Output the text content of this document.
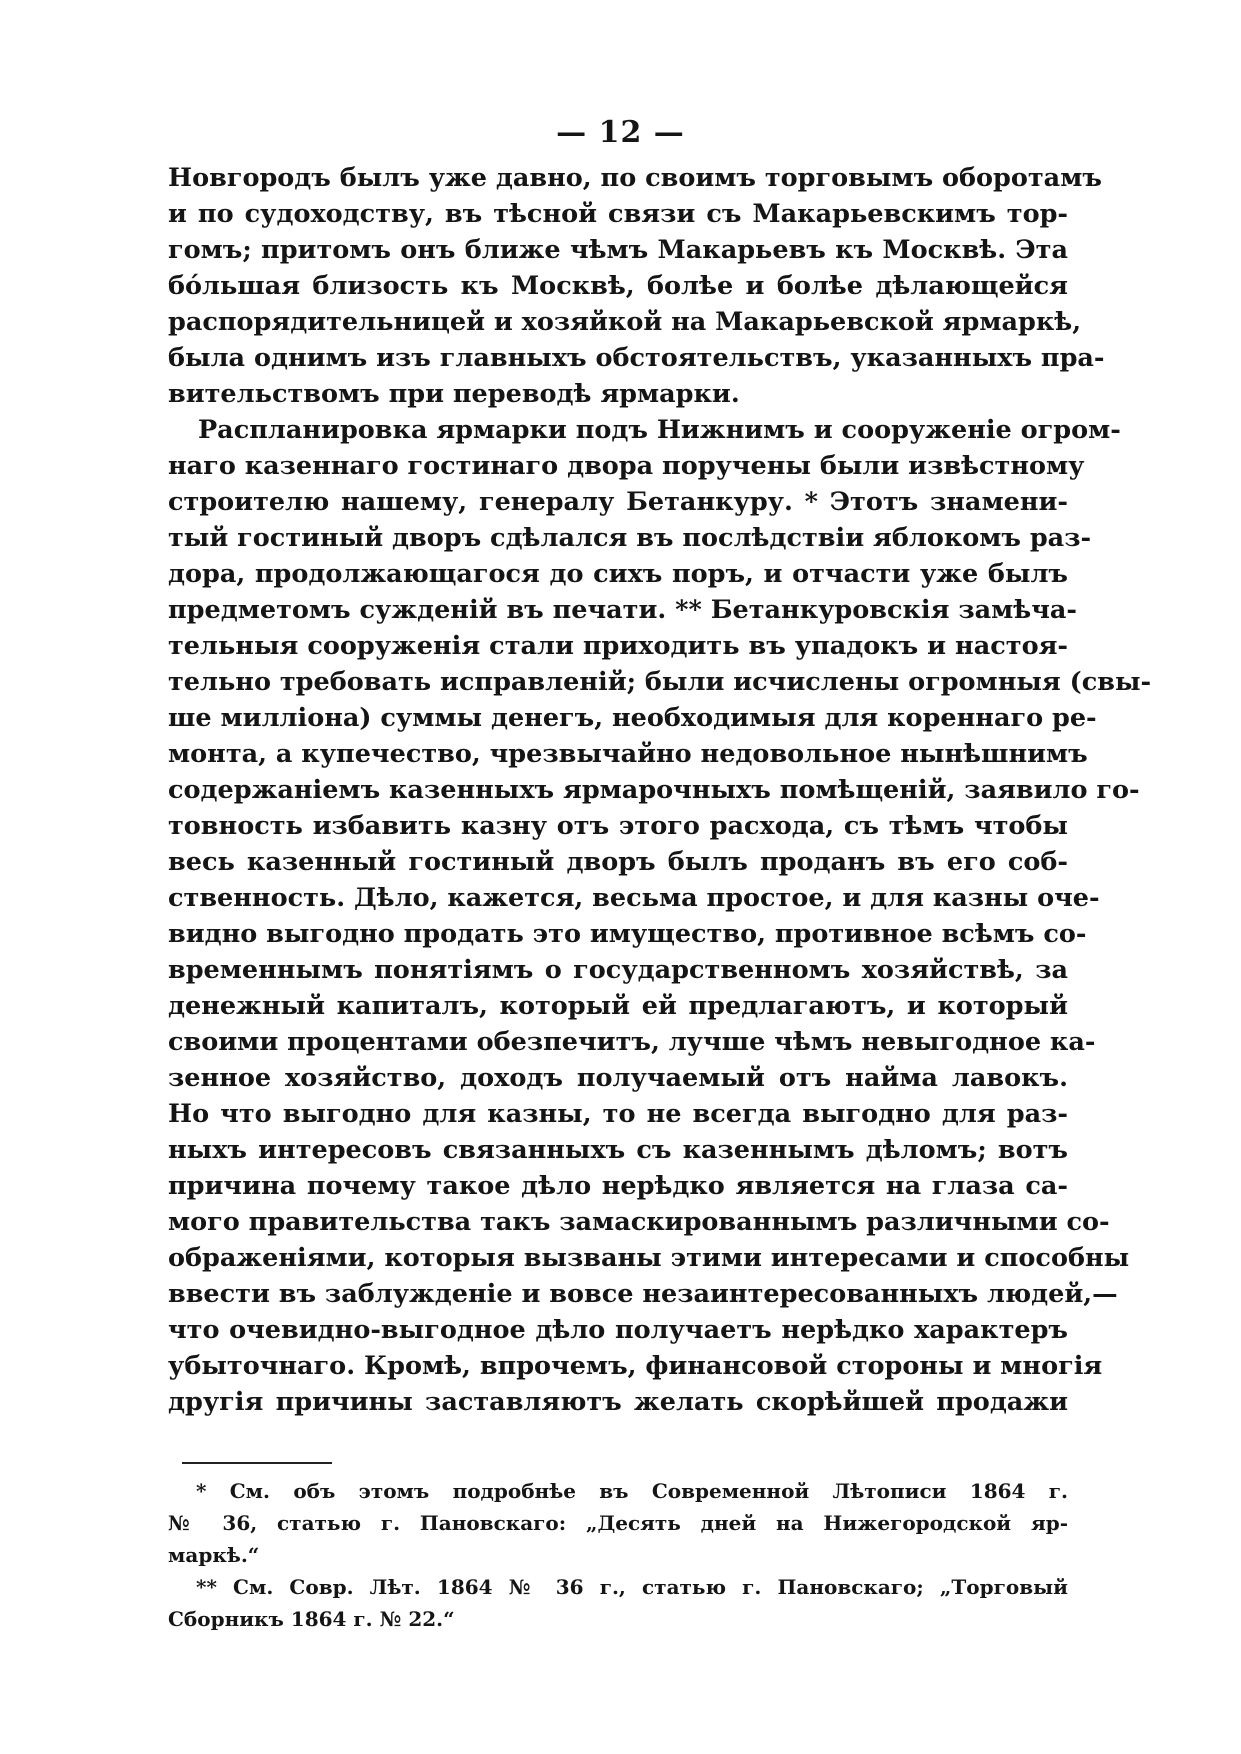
— 12 —
Новгородъ былъ уже давно, по своимъ торговымъ оборотамъ
и по судоходству, въ тѣсной связи съ Макарьевскимъ тор-
гомъ; притомъ онъ ближе чѣмъ Макарьевъ къ Москвѣ. Эта
бóльшая близость къ Москвѣ, болѣе и болѣе дѣлающейся
распорядительницей и хозяйкой на Макарьевской ярмаркѣ,
была однимъ изъ главныхъ обстоятельствъ, указанныхъ пра-
вительствомъ при переводѣ ярмарки.
Распланировка ярмарки подъ Нижнимъ и сооруженіе огром-
наго казеннаго гостинаго двора поручены были извѣстному
строителю нашему, генералу Бетанкуру. * Этотъ знамени-
тый гостиный дворъ сдѣлался въ послѣдствіи яблокомъ раз-
дора, продолжающагося до сихъ поръ, и отчасти уже былъ
предметомъ сужденій въ печати. ** Бетанкуровскія замѣча-
тельныя сооруженія стали приходить въ упадокъ и настоя-
тельно требовать исправленій; были исчислены огромныя (свы-
ше милліона) суммы денегъ, необходимыя для кореннаго ре-
монта, а купечество, чрезвычайно недовольное нынѣшнимъ
содержаніемъ казенныхъ ярмарочныхъ помѣщеній, заявило го-
товность избавить казну отъ этого расхода, съ тѣмъ чтобы
весь казенный гостиный дворъ былъ проданъ въ его соб-
ственность. Дѣло, кажется, весьма простое, и для казны оче-
видно выгодно продать это имущество, противное всѣмъ со-
временнымъ понятіямъ о государственномъ хозяйствѣ, за
денежный капиталъ, который ей предлагаютъ, и который
своими процентами обезпечитъ, лучше чѣмъ невыгодное ка-
зенное хозяйство, доходъ получаемый отъ найма лавокъ.
Но что выгодно для казны, то не всегда выгодно для раз-
ныхъ интересовъ связанныхъ съ казеннымъ дѣломъ; вотъ
причина почему такое дѣло нерѣдко является на глаза са-
мого правительства такъ замаскированнымъ различными со-
ображеніями, которыя вызваны этими интересами и способны
ввести въ заблужденіе и вовсе незаинтересованныхъ людей,—
что очевидно-выгодное дѣло получаетъ нерѣдко характеръ
убыточнаго. Кромѣ, впрочемъ, финансовой стороны и многія
другія причины заставляютъ желать скорѣйшей продажи
* См. объ этомъ подробнѣе въ Современной Лѣтописи 1864 г.
№ 36, статью г. Пановскаго: „Десять дней на Нижегородской яр-
маркѣ.“
** См. Совр. Лѣт. 1864 № 36 г., статью г. Пановскаго; „Торговый
Сборникъ 1864 г. № 22.“
